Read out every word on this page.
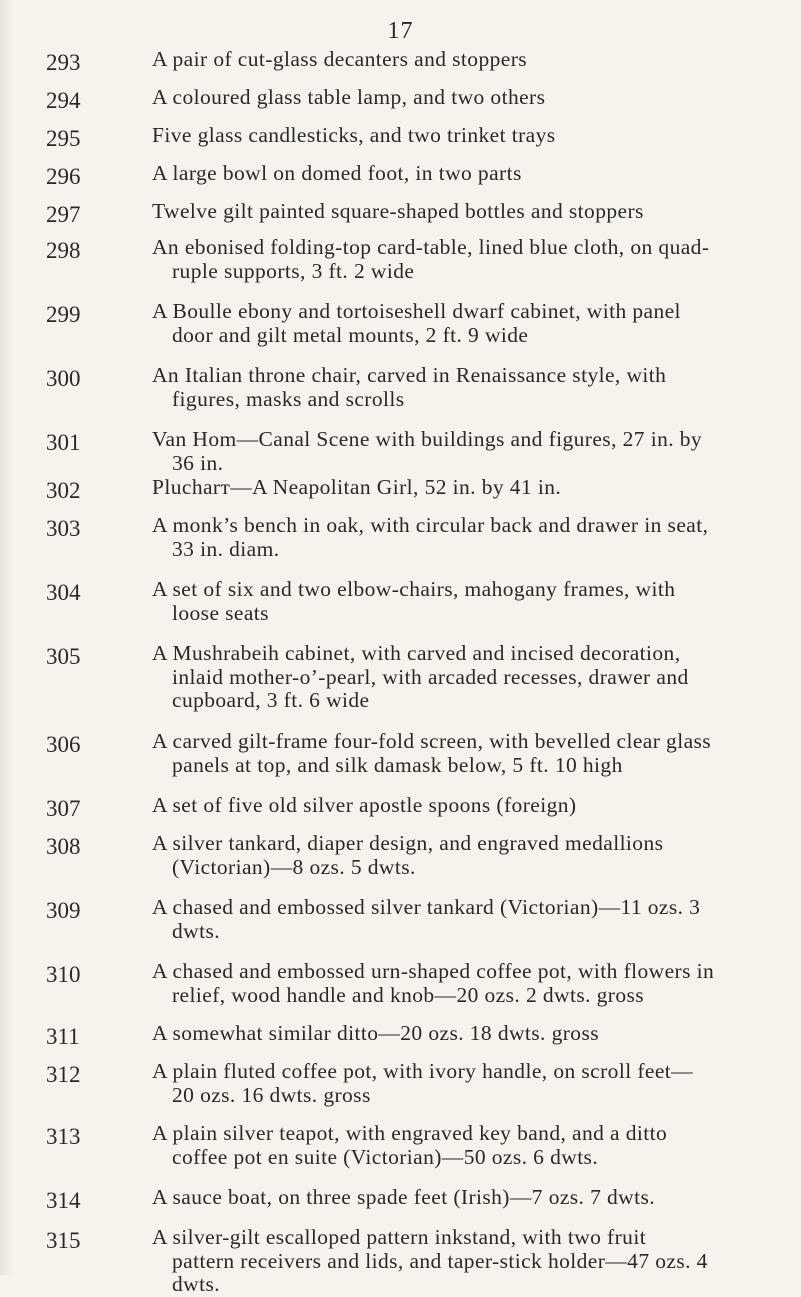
17
293	A pair of cut-glass decanters and stoppers
294	A coloured glass table lamp, and two others
295	Five glass candlesticks, and two trinket trays
296	A large bowl on domed foot, in two parts
297	Twelve gilt painted square-shaped bottles and stoppers
298	An ebonised folding-top card-table, lined blue cloth, on quad-
ruple supports, 3 ft. 2 wide
299	A Boulle ebony and tortoiseshell dwarf cabinet, with panel
door and gilt metal mounts, 2 ft. 9 wide
300	An Italian throne chair, carved in Renaissance style, with
figures, masks and scrolls
301	Van Hom—Canal Scene with buildings and figures, 27 in. by
36 in.
302	Plucharт—A Neapolitan Girl, 52 in. by 41 in.
303	A monk’s bench in oak, with circular back and drawer in seat,
33 in. diam.
304	A set of six and two elbow-chairs, mahogany frames, with
loose seats
305	A Mushrabeih cabinet, with carved and incised decoration,
inlaid mother-o’-pearl, with arcaded recesses, drawer and
cupboard, 3 ft. 6 wide
306	A carved gilt-frame four-fold screen, with bevelled clear glass
panels at top, and silk damask below, 5 ft. 10 high
307	A set of five old silver apostle spoons (foreign)
308	A silver tankard, diaper design, and engraved medallions
(Victorian)—8 ozs. 5 dwts.
309	A chased and embossed silver tankard (Victorian)—11 ozs. 3
dwts.
310	A chased and embossed urn-shaped coffee pot, with flowers in
relief, wood handle and knob—20 ozs. 2 dwts. gross
311	A somewhat similar ditto—20 ozs. 18 dwts. gross
312	A plain fluted coffee pot, with ivory handle, on scroll feet—
20 ozs. 16 dwts. gross
313	A plain silver teapot, with engraved key band, and a ditto
coffee pot en suite (Victorian)—50 ozs. 6 dwts.
314	A sauce boat, on three spade feet (Irish)—7 ozs. 7 dwts.
315	A silver-gilt escalloped pattern inkstand, with two fruit
pattern receivers and lids, and taper-stick holder—47 ozs. 4
dwts.
